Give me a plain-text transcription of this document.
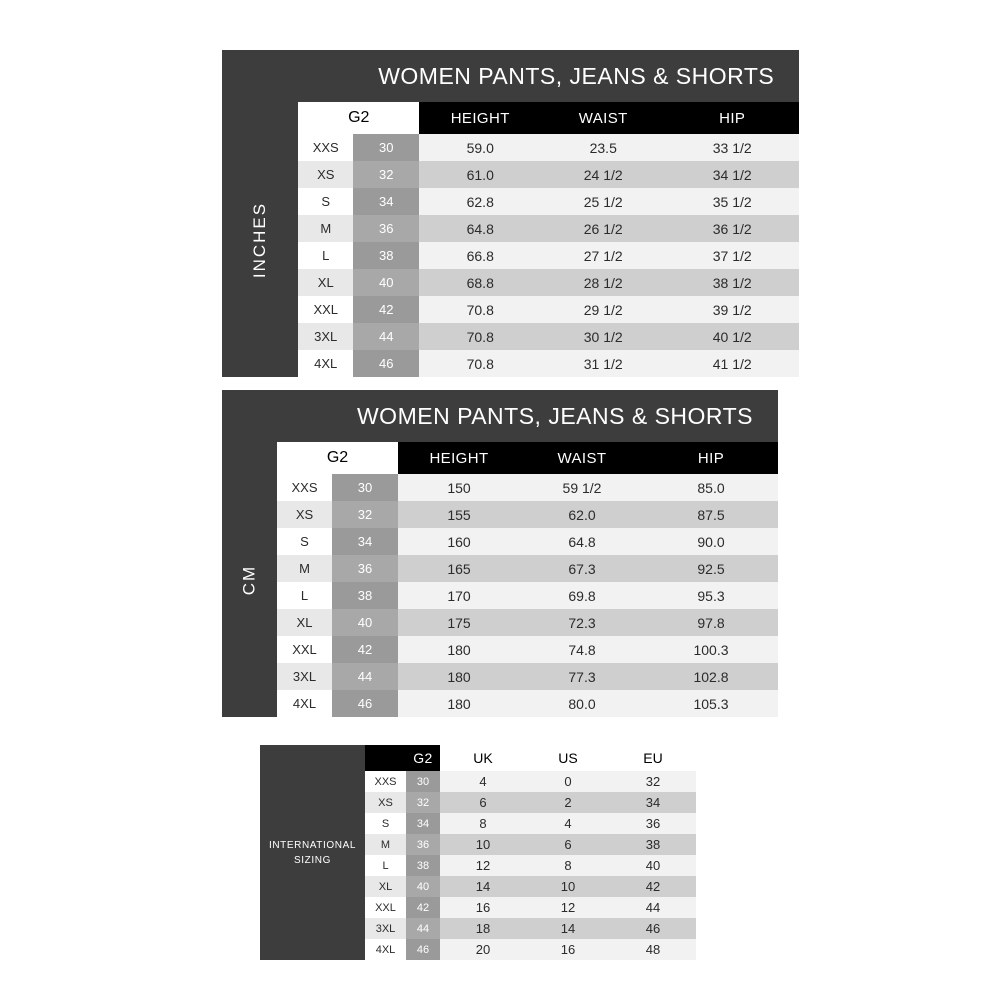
		WOMEN PANTS, JEANS & SHORTS			

INCHES	G2		HEIGHT	WAIST	HIP
	XXS	30	59.0	23.5	33 1/2
	XS	32	61.0	24 1/2	34 1/2
	S	34	62.8	25 1/2	35 1/2
	M	36	64.8	26 1/2	36 1/2
	L	38	66.8	27 1/2	37 1/2
	XL	40	68.8	28 1/2	38 1/2
	XXL	42	70.8	29 1/2	39 1/2
	3XL	44	70.8	30 1/2	40 1/2
	4XL	46	70.8	31 1/2	41 1/2
		WOMEN PANTS, JEANS & SHORTS			

CM	G2		HEIGHT	WAIST	HIP
	XXS	30	150	59 1/2	85.0
	XS	32	155	62.0	87.5
	S	34	160	64.8	90.0
	M	36	165	67.3	92.5
	L	38	170	69.8	95.3
	XL	40	175	72.3	97.8
	XXL	42	180	74.8	100.3
	3XL	44	180	77.3	102.8
	4XL	46	180	80.0	105.3
INTERNATIONAL
SIZING		G2	UK	US	EU
	XXS	30	4	0	32
	XS	32	6	2	34
	S	34	8	4	36
	M	36	10	6	38
	L	38	12	8	40
	XL	40	14	10	42
	XXL	42	16	12	44
	3XL	44	18	14	46
	4XL	46	20	16	48
